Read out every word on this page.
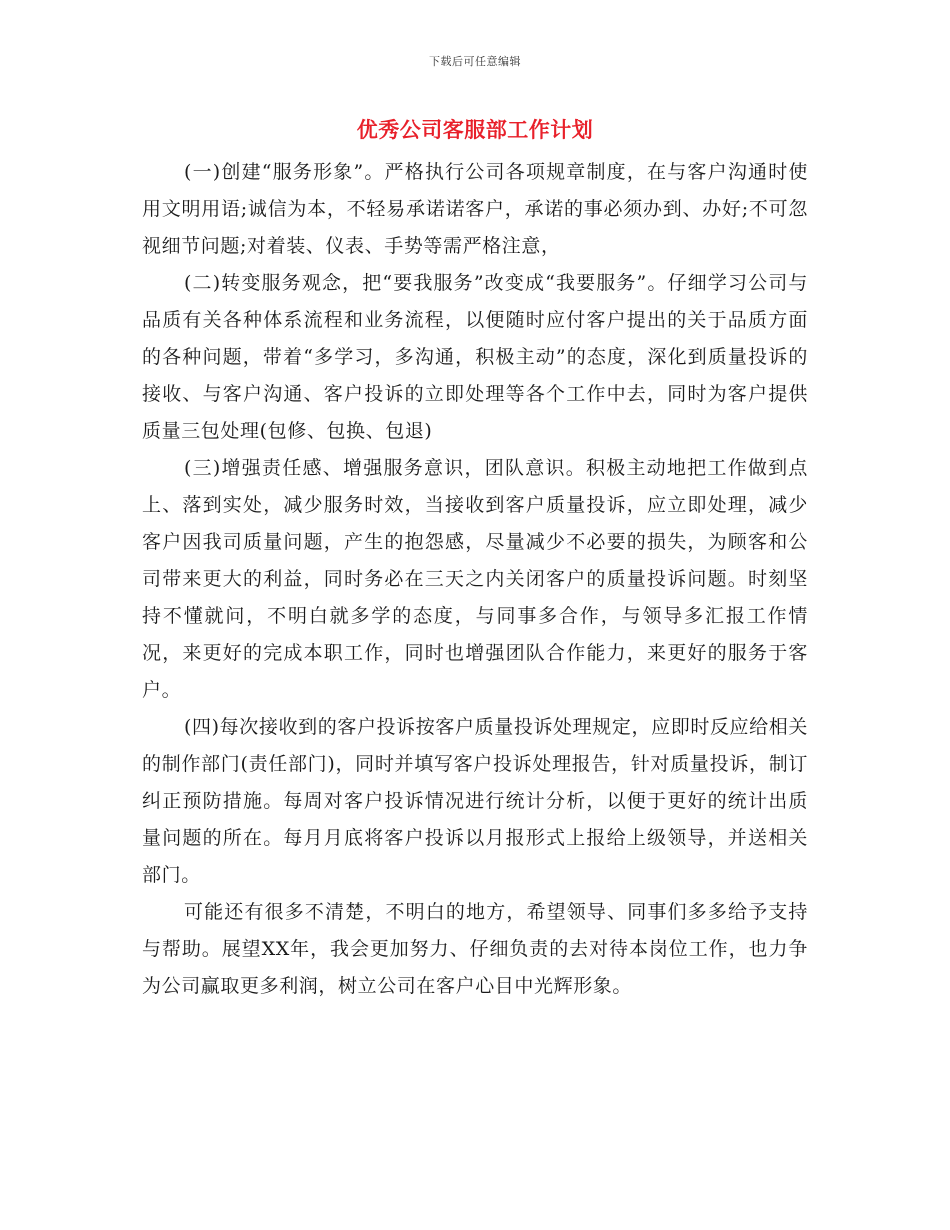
下载后可任意编辑
优秀公司客服部工作计划

(一)创建“服务形象”。严格执行公司各项规章制度，在与客户沟通时使用文明用语;诚信为本，不轻易承诺诺客户，承诺的事必须办到、办好;不可忽视细节问题;对着装、仪表、手势等需严格注意，

(二)转变服务观念，把“要我服务”改变成“我要服务”。仔细学习公司与品质有关各种体系流程和业务流程，以便随时应付客户提出的关于品质方面的各种问题，带着“多学习，多沟通，积极主动”的态度，深化到质量投诉的接收、与客户沟通、客户投诉的立即处理等各个工作中去，同时为客户提供质量三包处理(包修、包换、包退)

(三)增强责任感、增强服务意识，团队意识。积极主动地把工作做到点上、落到实处，减少服务时效，当接收到客户质量投诉，应立即处理，减少客户因我司质量问题，产生的抱怨感，尽量减少不必要的损失，为顾客和公司带来更大的利益，同时务必在三天之内关闭客户的质量投诉问题。时刻坚持不懂就问，不明白就多学的态度，与同事多合作，与领导多汇报工作情况，来更好的完成本职工作，同时也增强团队合作能力，来更好的服务于客户。

(四)每次接收到的客户投诉按客户质量投诉处理规定，应即时反应给相关的制作部门(责任部门)，同时并填写客户投诉处理报告，针对质量投诉，制订纠正预防措施。每周对客户投诉情况进行统计分析，以便于更好的统计出质量问题的所在。每月月底将客户投诉以月报形式上报给上级领导，并送相关部门。

可能还有很多不清楚，不明白的地方，希望领导、同事们多多给予支持与帮助。展望XX年，我会更加努力、仔细负责的去对待本岗位工作，也力争为公司赢取更多利润，树立公司在客户心目中光辉形象。
